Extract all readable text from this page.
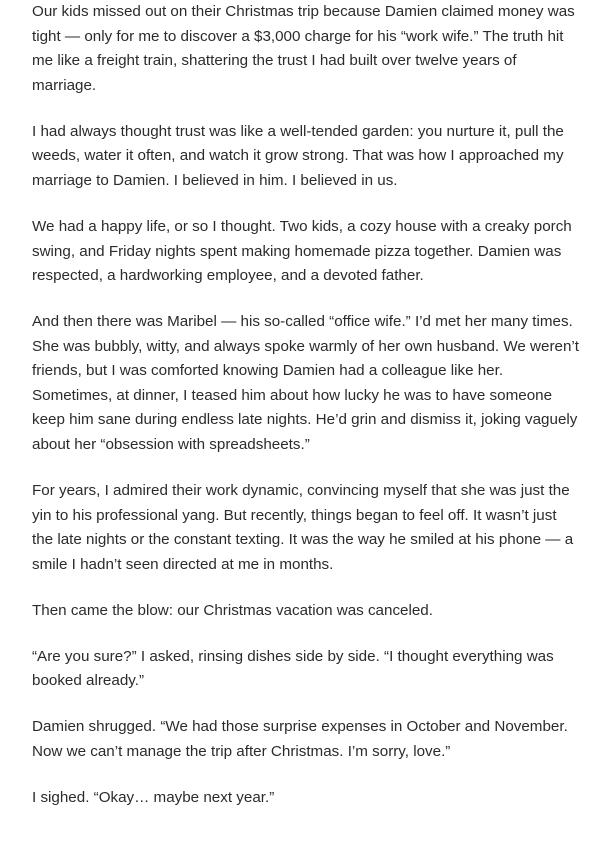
Our kids missed out on their Christmas trip because Damien claimed money was tight — only for me to discover a $3,000 charge for his “work wife.” The truth hit me like a freight train, shattering the trust I had built over twelve years of marriage.

I had always thought trust was like a well-tended garden: you nurture it, pull the weeds, water it often, and watch it grow strong. That was how I approached my marriage to Damien. I believed in him. I believed in us.

We had a happy life, or so I thought. Two kids, a cozy house with a creaky porch swing, and Friday nights spent making homemade pizza together. Damien was respected, a hardworking employee, and a devoted father.

And then there was Maribel — his so-called “office wife.” I’d met her many times. She was bubbly, witty, and always spoke warmly of her own husband. We weren’t friends, but I was comforted knowing Damien had a colleague like her. Sometimes, at dinner, I teased him about how lucky he was to have someone keep him sane during endless late nights. He’d grin and dismiss it, joking vaguely about her “obsession with spreadsheets.”

For years, I admired their work dynamic, convincing myself that she was just the yin to his professional yang. But recently, things began to feel off. It wasn’t just the late nights or the constant texting. It was the way he smiled at his phone — a smile I hadn’t seen directed at me in months.

Then came the blow: our Christmas vacation was canceled.

“Are you sure?” I asked, rinsing dishes side by side. “I thought everything was booked already.”

Damien shrugged. “We had those surprise expenses in October and November. Now we can’t manage the trip after Christmas. I’m sorry, love.”

I sighed. “Okay… maybe next year.”
